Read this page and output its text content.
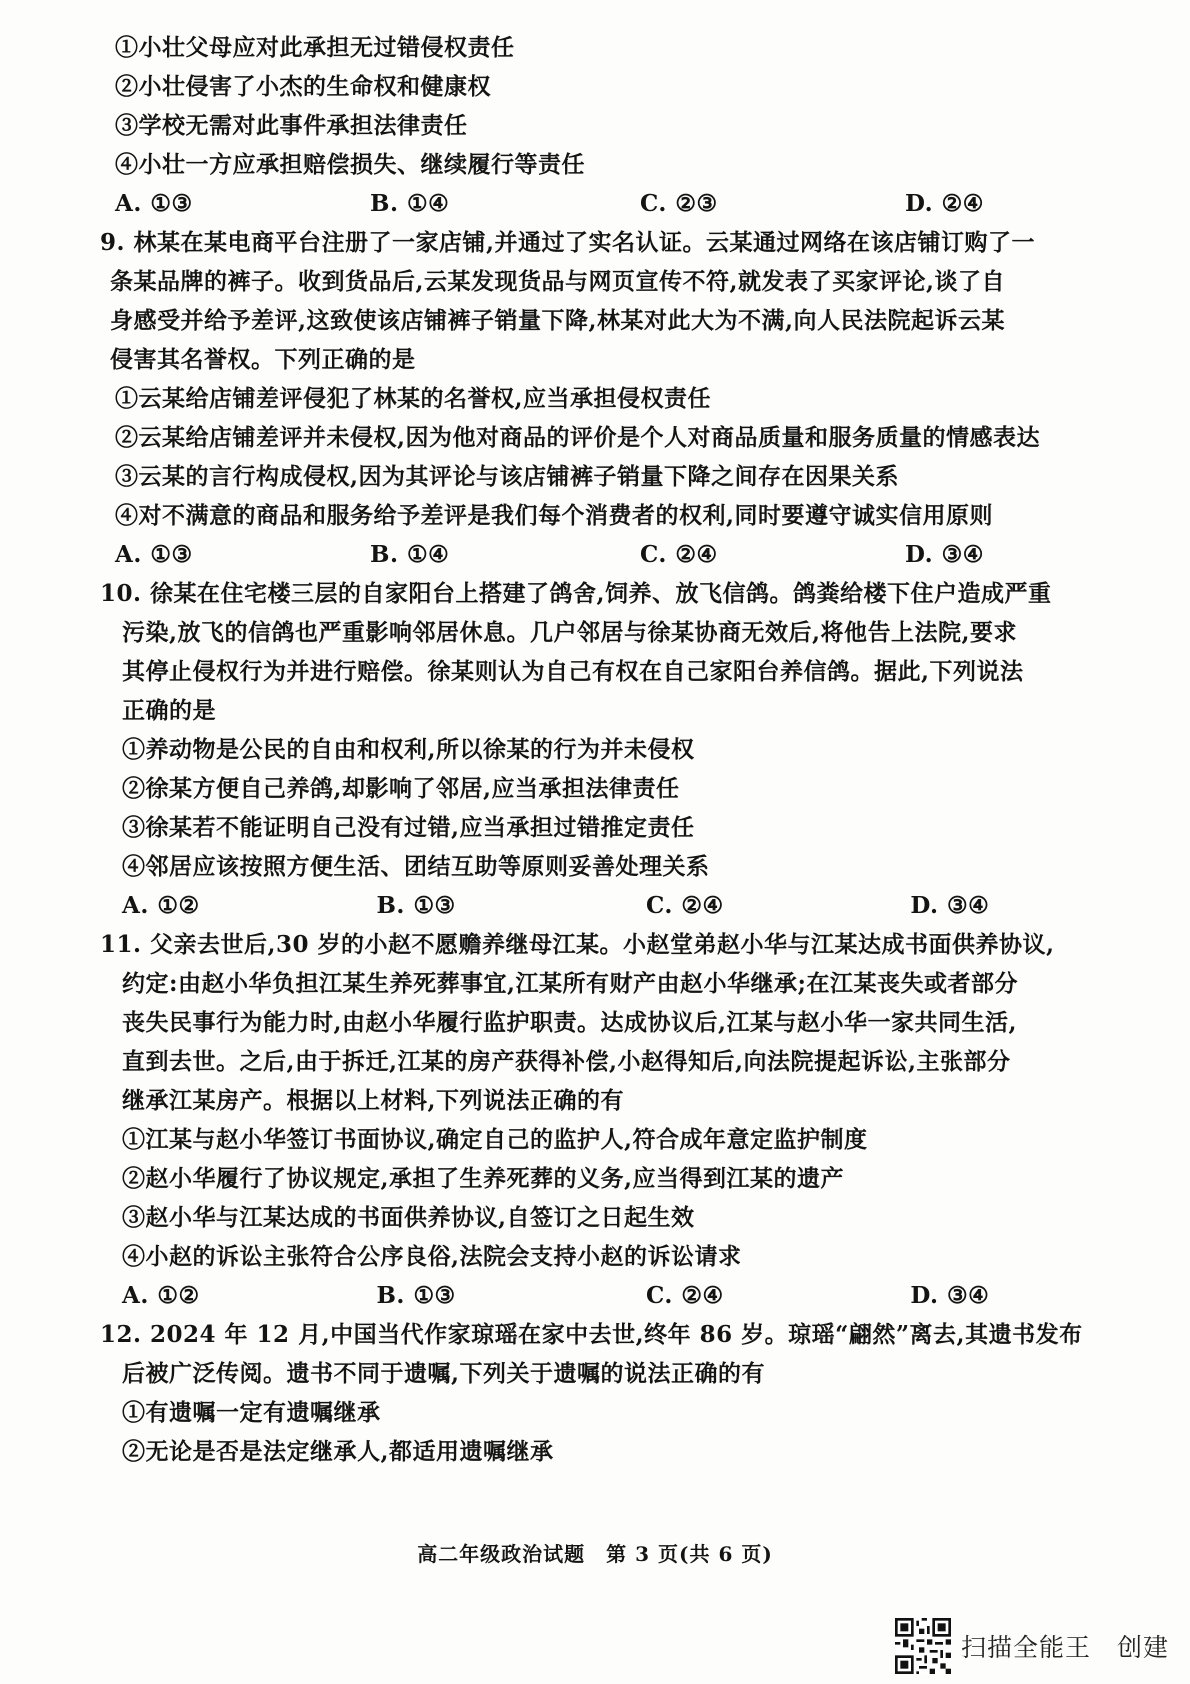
①小壮父母应对此承担无过错侵权责任
②小壮侵害了小杰的生命权和健康权
③学校无需对此事件承担法律责任
④小壮一方应承担赔偿损失、继续履行等责任
A. ①③	B. ①④	C. ②③	D. ②④
9. 林某在某电商平台注册了一家店铺,并通过了实名认证。云某通过网络在该店铺订购了一
条某品牌的裤子。收到货品后,云某发现货品与网页宣传不符,就发表了买家评论,谈了自
身感受并给予差评,这致使该店铺裤子销量下降,林某对此大为不满,向人民法院起诉云某
侵害其名誉权。下列正确的是
①云某给店铺差评侵犯了林某的名誉权,应当承担侵权责任
②云某给店铺差评并未侵权,因为他对商品的评价是个人对商品质量和服务质量的情感表达
③云某的言行构成侵权,因为其评论与该店铺裤子销量下降之间存在因果关系
④对不满意的商品和服务给予差评是我们每个消费者的权利,同时要遵守诚实信用原则
A. ①③	B. ①④	C. ②④	D. ③④
10. 徐某在住宅楼三层的自家阳台上搭建了鸽舍,饲养、放飞信鸽。鸽粪给楼下住户造成严重
污染,放飞的信鸽也严重影响邻居休息。几户邻居与徐某协商无效后,将他告上法院,要求
其停止侵权行为并进行赔偿。徐某则认为自己有权在自己家阳台养信鸽。据此,下列说法
正确的是
①养动物是公民的自由和权利,所以徐某的行为并未侵权
②徐某方便自己养鸽,却影响了邻居,应当承担法律责任
③徐某若不能证明自己没有过错,应当承担过错推定责任
④邻居应该按照方便生活、团结互助等原则妥善处理关系
A. ①②	B. ①③	C. ②④	D. ③④
11. 父亲去世后,30 岁的小赵不愿赡养继母江某。小赵堂弟赵小华与江某达成书面供养协议,
约定:由赵小华负担江某生养死葬事宜,江某所有财产由赵小华继承;在江某丧失或者部分
丧失民事行为能力时,由赵小华履行监护职责。达成协议后,江某与赵小华一家共同生活,
直到去世。之后,由于拆迁,江某的房产获得补偿,小赵得知后,向法院提起诉讼,主张部分
继承江某房产。根据以上材料,下列说法正确的有
①江某与赵小华签订书面协议,确定自己的监护人,符合成年意定监护制度
②赵小华履行了协议规定,承担了生养死葬的义务,应当得到江某的遗产
③赵小华与江某达成的书面供养协议,自签订之日起生效
④小赵的诉讼主张符合公序良俗,法院会支持小赵的诉讼请求
A. ①②	B. ①③	C. ②④	D. ③④
12. 2024 年 12 月,中国当代作家琼瑶在家中去世,终年 86 岁。琼瑶“翩然”离去,其遗书发布
后被广泛传阅。遗书不同于遗嘱,下列关于遗嘱的说法正确的有
①有遗嘱一定有遗嘱继承
②无论是否是法定继承人,都适用遗嘱继承
高二年级政治试题　第 3 页(共 6 页)
扫描全能王　创建
